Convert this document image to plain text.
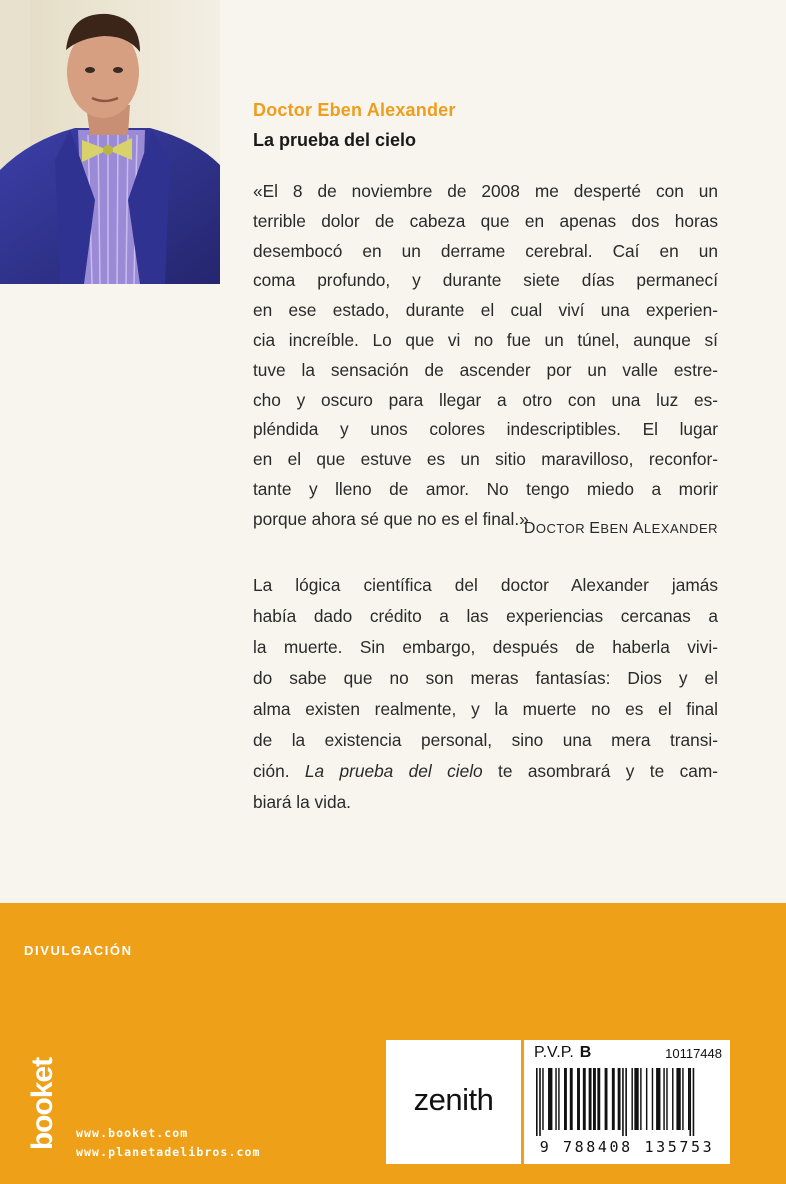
Doctor Eben Alexander
La prueba del cielo
«El 8 de noviembre de 2008 me desperté con un
terrible dolor de cabeza que en apenas dos horas
desembocó en un derrame cerebral. Caí en un
coma profundo, y durante siete días permanecí
en ese estado, durante el cual viví una experien-
cia increíble. Lo que vi no fue un túnel, aunque sí
tuve la sensación de ascender por un valle estre-
cho y oscuro para llegar a otro con una luz es-
pléndida y unos colores indescriptibles. El lugar
en el que estuve es un sitio maravilloso, reconfor-
tante y lleno de amor. No tengo miedo a morir
porque ahora sé que no es el final.»
DOCTOR EBEN ALEXANDER
La lógica científica del doctor Alexander jamás
había dado crédito a las experiencias cercanas a
la muerte. Sin embargo, después de haberla vivi-
do sabe que no son meras fantasías: Dios y el
alma existen realmente, y la muerte no es el final
de la existencia personal, sino una mera transi-
ción. La prueba del cielo te asombrará y te cam-
biará la vida.
DIVULGACIÓN
booket www.booket.com
www.planetadelibros.com
zenith
P.V.P. B	10117448
9 788408 135753
